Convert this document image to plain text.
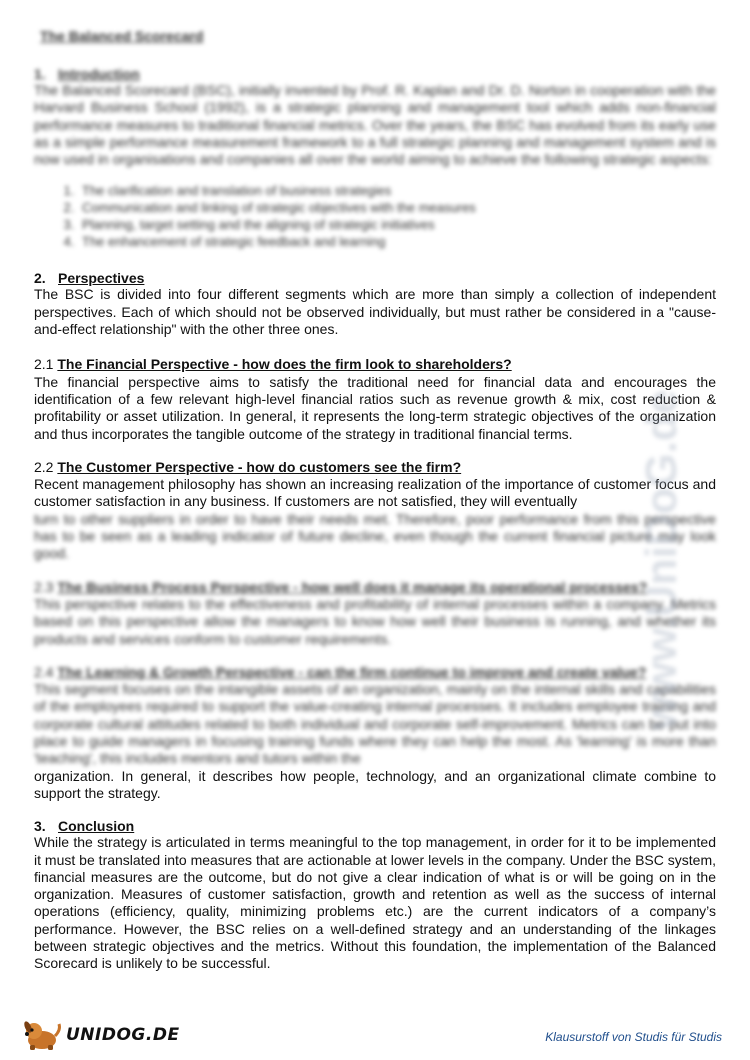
The Balanced Scorecard
1. Introduction

The Balanced Scorecard (BSC), initially invented by Prof. R. Kaplan and Dr. D. Norton in cooperation with the Harvard Business School (1992), is a strategic planning and management tool which adds non-financial performance measures to traditional financial metrics. Over the years, the BSC has evolved from its early use as a simple performance measurement framework to a full strategic planning and management system and is now used in organisations and companies all over the world aiming to achieve the following strategic aspects:

1. The clarification and translation of business strategies
2. Communication and linking of strategic objectives with the measures
3. Planning, target setting and the aligning of strategic initiatives
4. The enhancement of strategic feedback and learning
2. Perspectives

The BSC is divided into four different segments which are more than simply a collection of independent perspectives. Each of which should not be observed individually, but must rather be considered in a "cause-and-effect relationship" with the other three ones.

2.1 The Financial Perspective - how does the firm look to shareholders?

The financial perspective aims to satisfy the traditional need for financial data and encourages the identification of a few relevant high-level financial ratios such as revenue growth & mix, cost reduction & profitability or asset utilization. In general, it represents the long-term strategic objectives of the organization and thus incorporates the tangible outcome of the strategy in traditional financial terms.

2.2 The Customer Perspective - how do customers see the firm?

Recent management philosophy has shown an increasing realization of the importance of customer focus and customer satisfaction in any business. If customers are not satisfied, they will eventually

turn to other suppliers in order to have their needs met. Therefore, poor performance from this perspective has to be seen as a leading indicator of future decline, even though the current financial picture may look good.

2.3 The Business Process Perspective - how well does it manage its operational processes?

This perspective relates to the effectiveness and profitability of internal processes within a company. Metrics based on this perspective allow the managers to know how well their business is running, and whether its products and services conform to customer requirements.

2.4 The Learning & Growth Perspective - can the firm continue to improve and create value?

This segment focuses on the intangible assets of an organization, mainly on the internal skills and capabilities of the employees required to support the value-creating internal processes. It includes employee training and corporate cultural attitudes related to both individual and corporate self-improvement. Metrics can be put into place to guide managers in focusing training funds where they can help the most. As 'learning' is more than 'teaching', this includes mentors and tutors within the

organization. In general, it describes how people, technology, and an organizational climate combine to support the strategy.

3. Conclusion

While the strategy is articulated in terms meaningful to the top management, in order for it to be implemented it must be translated into measures that are actionable at lower levels in the company. Under the BSC system, financial measures are the outcome, but do not give a clear indication of what is or will be going on in the organization. Measures of customer satisfaction, growth and retention as well as the success of internal operations (efficiency, quality, minimizing problems etc.) are the current indicators of a company’s performance. However, the BSC relies on a well-defined strategy and an understanding of the linkages between strategic objectives and the metrics. Without this foundation, the implementation of the Balanced Scorecard is unlikely to be successful.

www.UniDoG.de
UNIDOG.DE	Klausurstoff von Studis für Studis
